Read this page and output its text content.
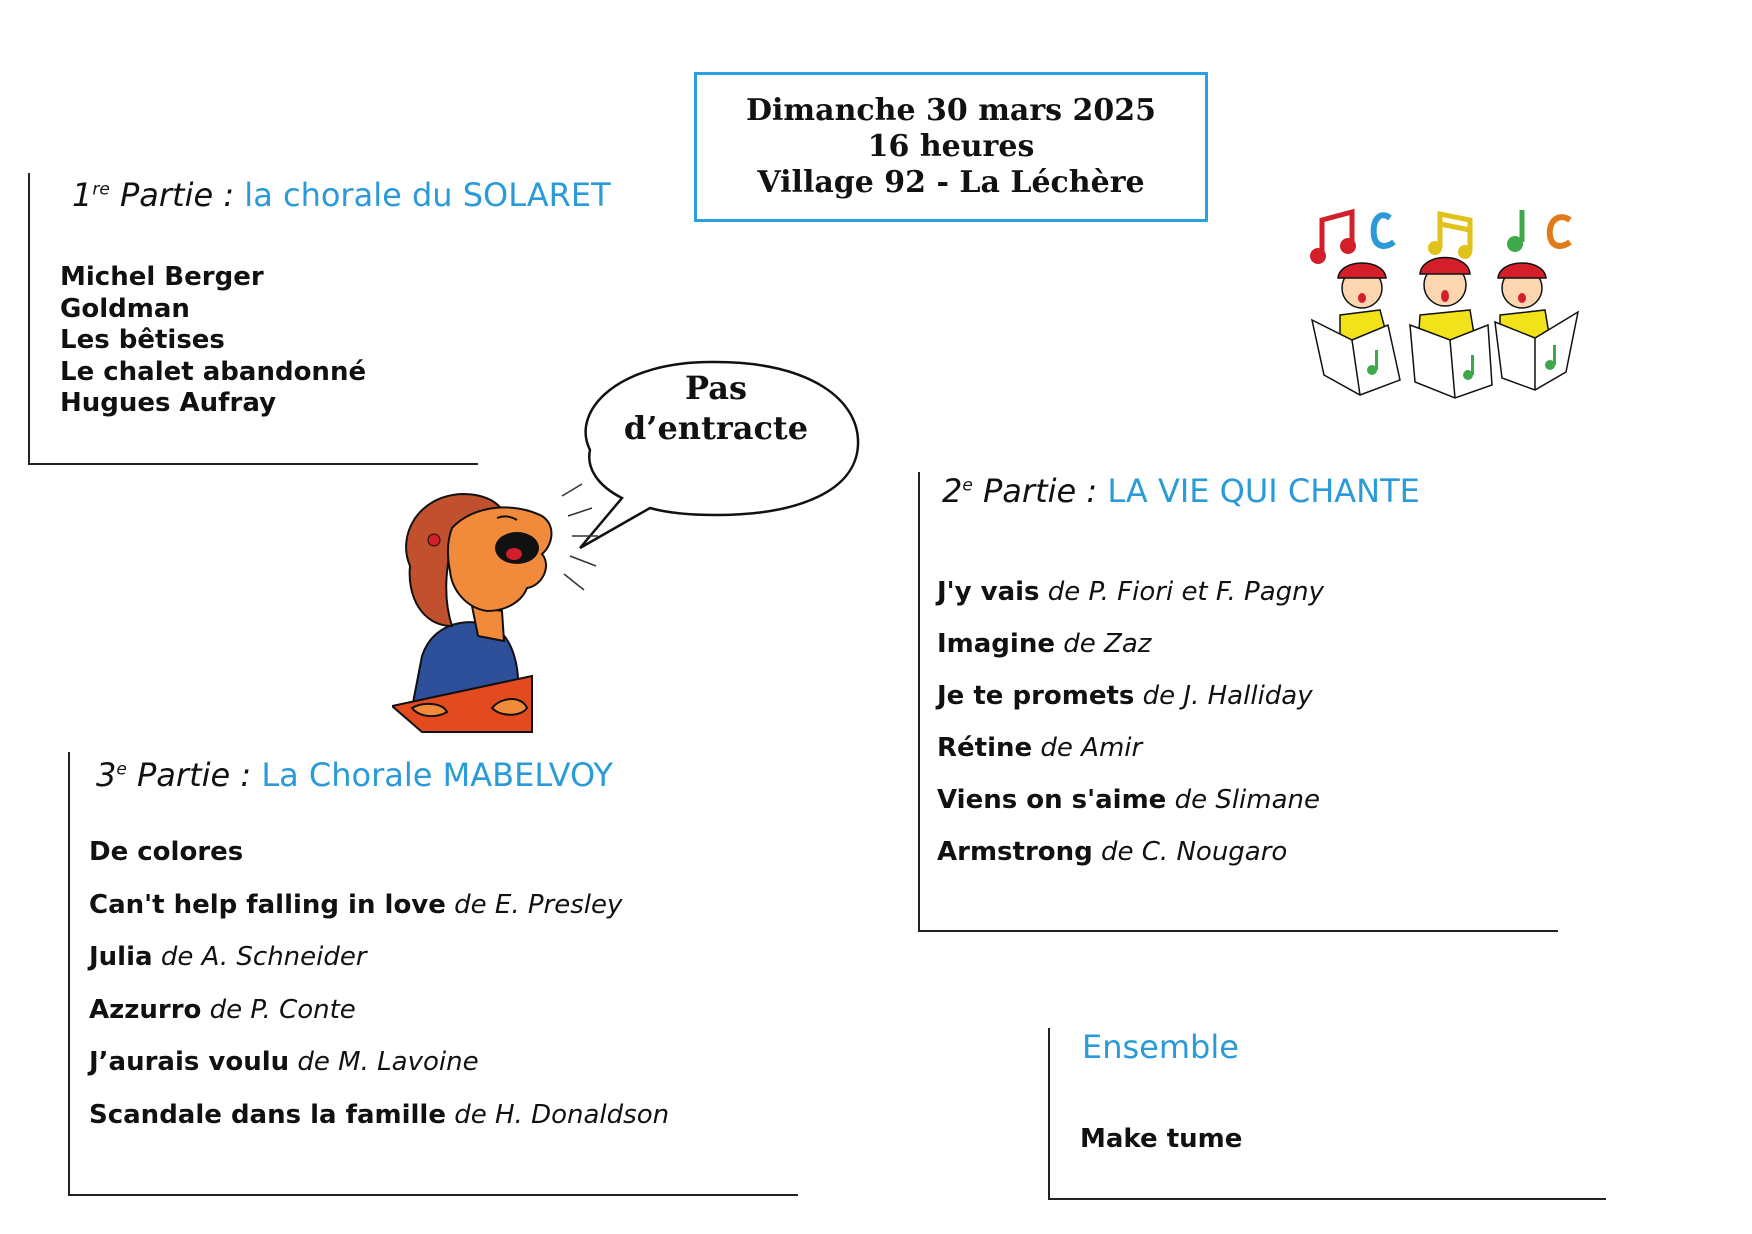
Dimanche 30 mars 2025
16 heures
Village 92 - La Léchère
1re Partie : la chorale du SOLARET
Michel Berger
Goldman
Les bêtises
Le chalet abandonné
Hugues Aufray	Pas
d’entracte
2e Partie : LA VIE QUI CHANTE
J'y vais de P. Fiori et F. Pagny
Imagine de Zaz
Je te promets de J. Halliday
Rétine de Amir
Viens on s'aime de Slimane
Armstrong de C. Nougaro
3e Partie : La Chorale MABELVOY
De colores
Can't help falling in love de E. Presley
Julia de A. Schneider
Azzurro de P. Conte
J’aurais voulu de M. Lavoine
Scandale dans la famille de H. Donaldson
Ensemble
Make tume
